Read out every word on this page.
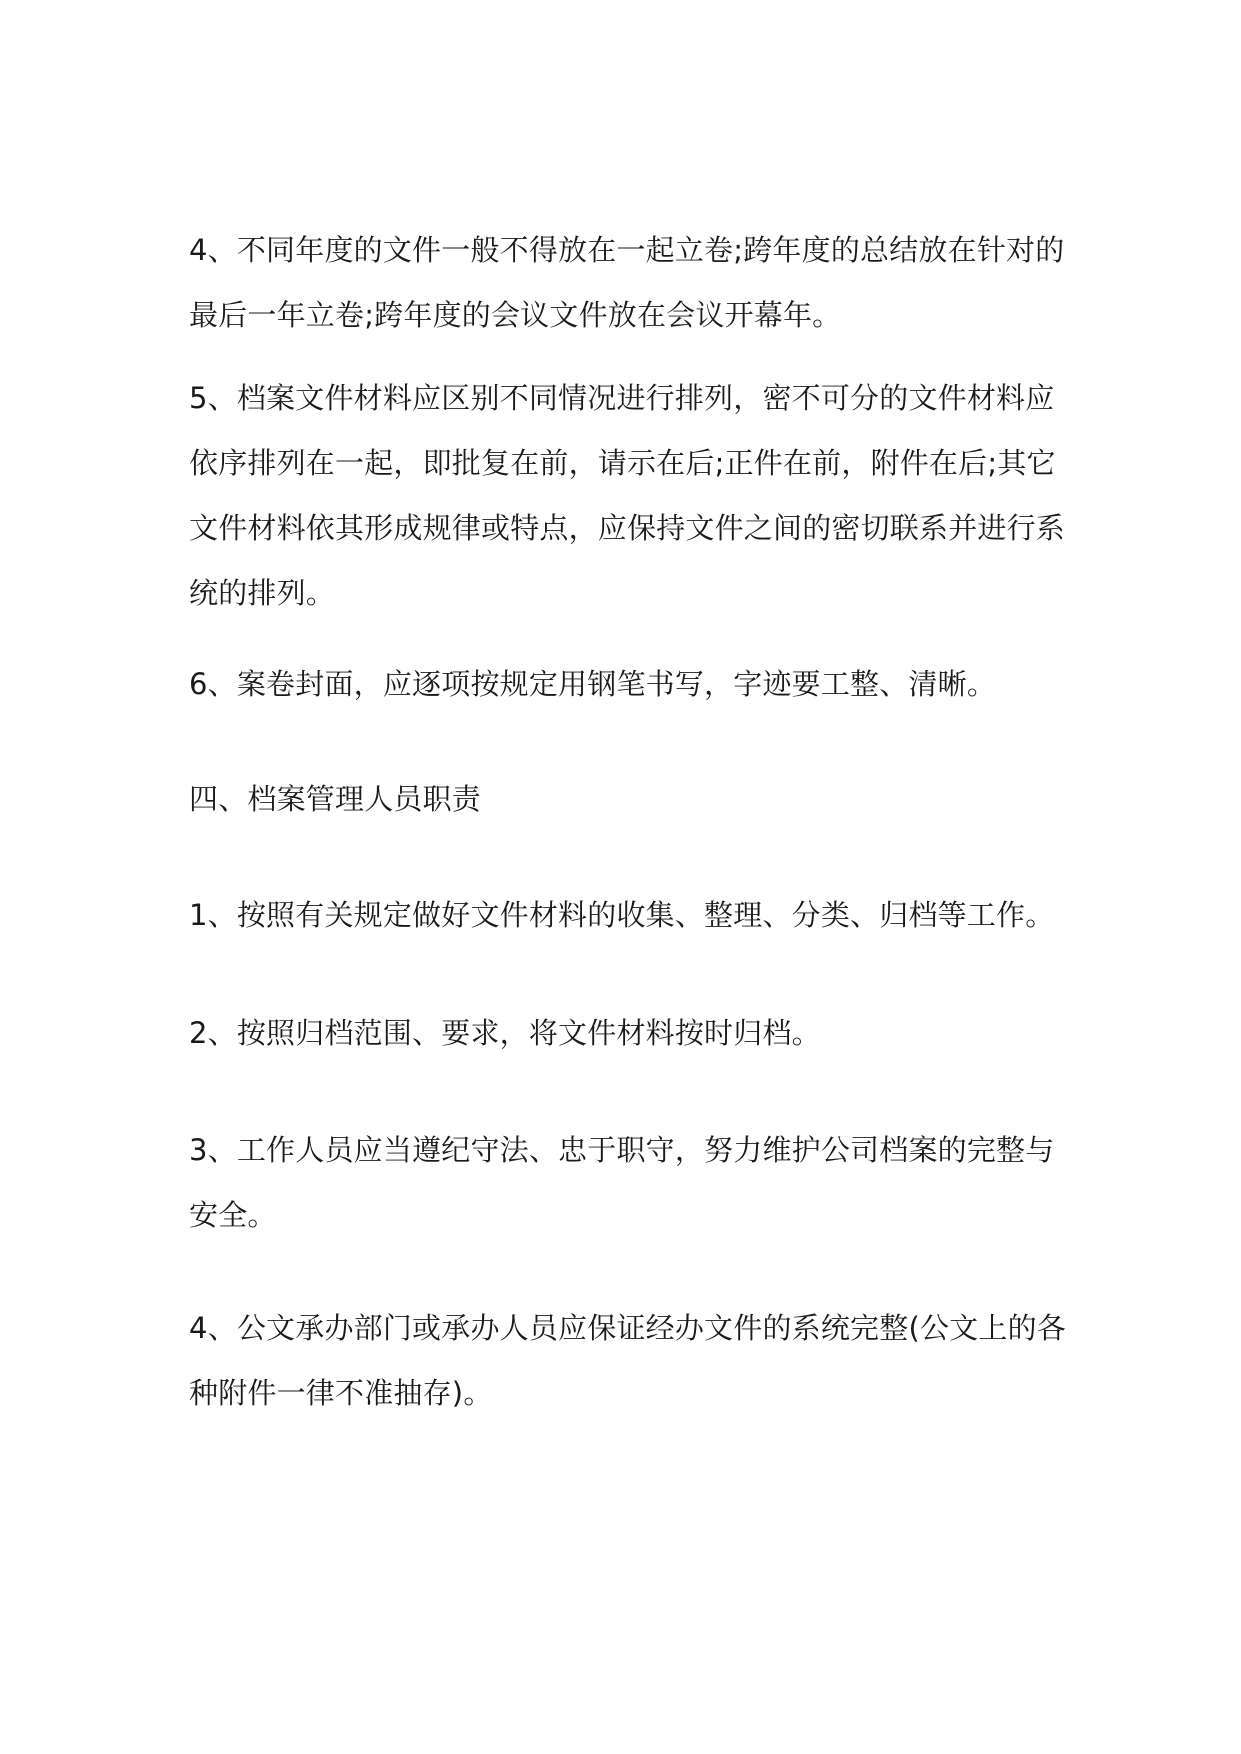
4、不同年度的文件一般不得放在一起立卷;跨年度的总结放在针对的
最后一年立卷;跨年度的会议文件放在会议开幕年。

5、档案文件材料应区别不同情况进行排列，密不可分的文件材料应
依序排列在一起，即批复在前，请示在后;正件在前，附件在后;其它
文件材料依其形成规律或特点，应保持文件之间的密切联系并进行系
统的排列。

6、案卷封面，应逐项按规定用钢笔书写，字迹要工整、清晰。

四、档案管理人员职责

1、按照有关规定做好文件材料的收集、整理、分类、归档等工作。

2、按照归档范围、要求，将文件材料按时归档。

3、工作人员应当遵纪守法、忠于职守，努力维护公司档案的完整与
安全。

4、公文承办部门或承办人员应保证经办文件的系统完整(公文上的各
种附件一律不准抽存)。
